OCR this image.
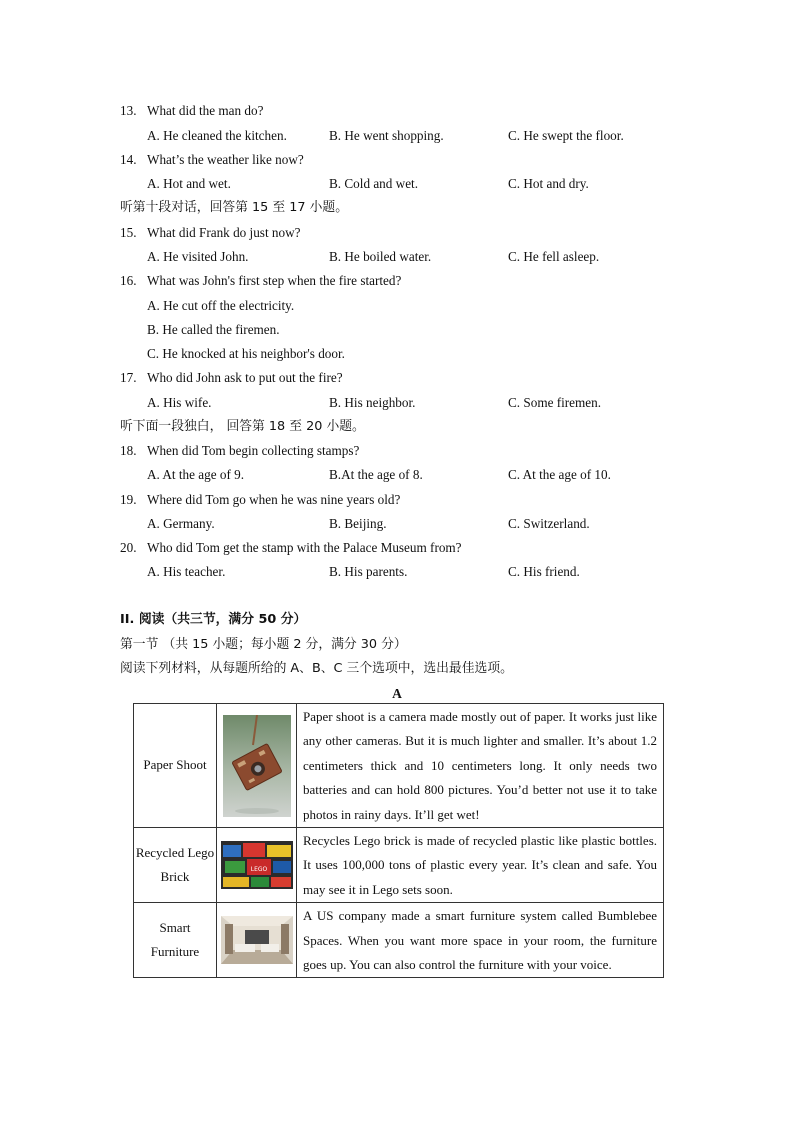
13. What did the man do?
A. He cleaned the kitchen.	B. He went shopping.	C. He swept the floor.
14. What’s the weather like now?
A. Hot and wet.	B. Cold and wet.	C. Hot and dry.
听第十段对话，回答第 15 至 17 小题。
15. What did Frank do just now?
A. He visited John.	B. He boiled water.	C. He fell asleep.
16. What was John's first step when the fire started?
A. He cut off the electricity.
B. He called the firemen.
C. He knocked at his neighbor's door.
17. Who did John ask to put out the fire?
A. His wife.	B. His neighbor.	C. Some firemen.
听下面一段独白， 回答第 18 至 20 小题。
18. When did Tom begin collecting stamps?
A. At the age of 9.	B.At the age of 8.	C. At the age of 10.
19. Where did Tom go when he was nine years old?
A. Germany.	B. Beijing.	C. Switzerland.
20. Who did Tom get the stamp with the Palace Museum from?
A. His teacher.	B. His parents.	C. His friend.
II. 阅读（共三节，满分 50 分）
第一节 （共 15 小题；每小题 2 分，满分 30 分）
阅读下列材料，从每题所给的 A、B、C 三个选项中，选出最佳选项。
A
Paper Shoot		Paper shoot is a camera made mostly out of paper. It works just like any other cameras. But it is much lighter and smaller. It’s about 1.2 centimeters thick and 10 centimeters long. It only needs two batteries and can hold 800 pictures. You’d better not use it to take photos in rainy days. It’ll get wet!
Recycled Lego Brick	LEGO	Recycles Lego brick is made of recycled plastic like plastic bottles. It uses 100,000 tons of plastic every year. It’s clean and safe. You may see it in Lego sets soon.
Smart Furniture		A US company made a smart furniture system called Bumblebee Spaces. When you want more space in your room, the furniture goes up. You can also control the furniture with your voice.
